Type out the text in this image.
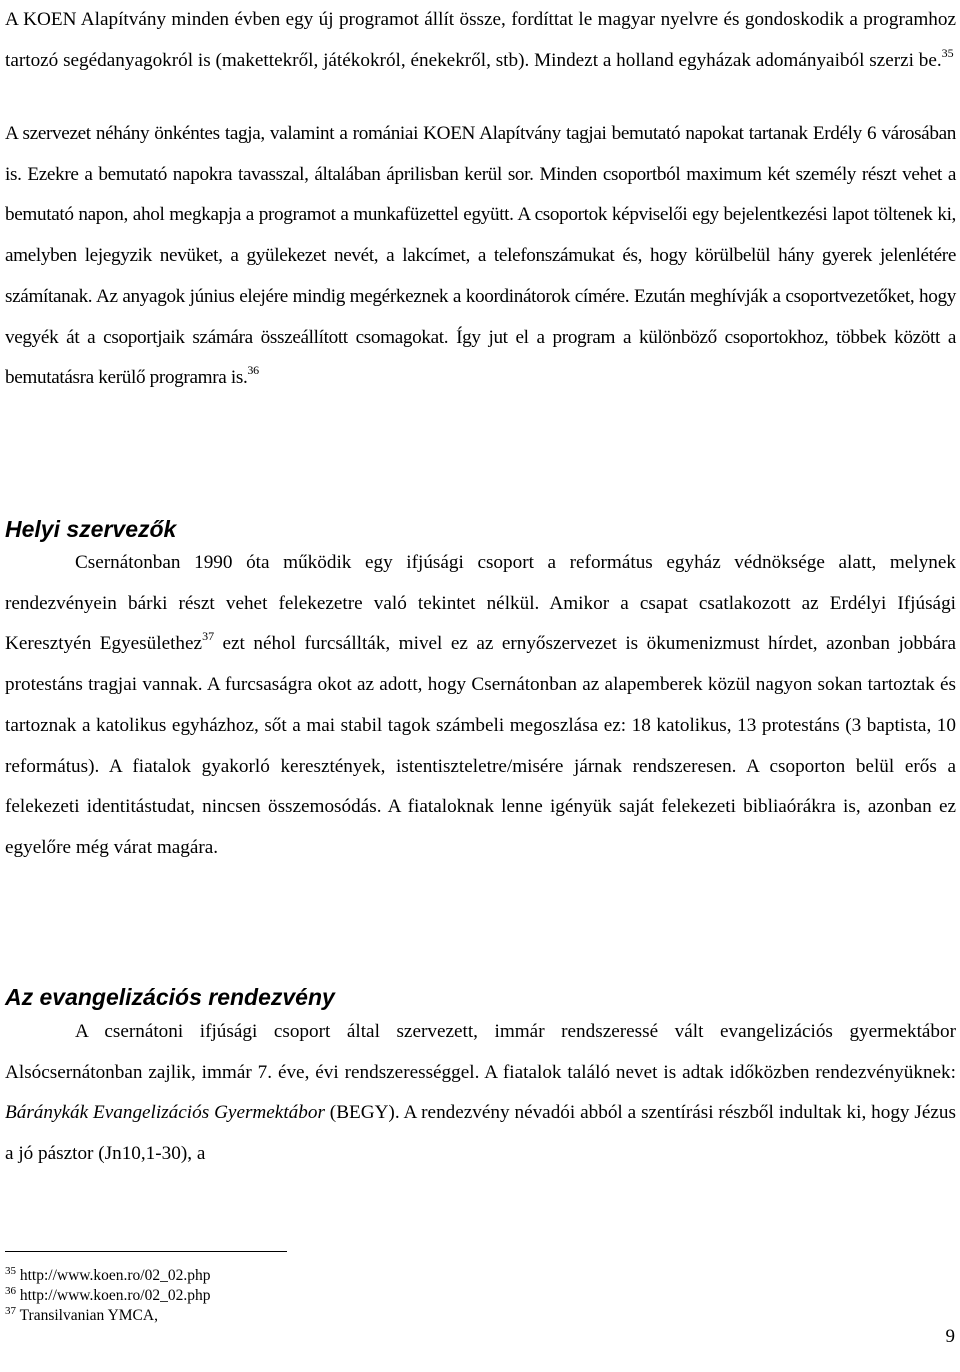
A KOEN Alapítvány minden évben egy új programot állít össze, fordíttat le magyar nyelvre és gondoskodik a programhoz tartozó segédanyagokról is (makettekről, játékokról, énekekről, stb). Mindezt a holland egyházak adományaiból szerzi be.$^{35}$

A szervezet néhány önkéntes tagja, valamint a romániai KOEN Alapítvány tagjai bemutató napokat tartanak Erdély 6 városában is. Ezekre a bemutató napokra tavasszal, általában áprilisban kerül sor. Minden csoportból maximum két személy részt vehet a bemutató napon, ahol megkapja a programot a munkafüzettel együtt. A csoportok képviselői egy bejelentkezési lapot töltenek ki, amelyben lejegyzik nevüket, a gyülekezet nevét, a lakcímet, a telefonszámukat és, hogy körülbelül hány gyerek jelenlétére számítanak. Az anyagok június elejére mindig megérkeznek a koordinátorok címére. Ezután meghívják a csoportvezetőket, hogy vegyék át a csoportjaik számára összeállított csomagokat. Így jut el a program a különböző csoportokhoz, többek között a bemutatásra kerülő programra is.$^{36}$

Helyi szervezők

Csernátonban 1990 óta működik egy ifjúsági csoport a református egyház védnöksége alatt, melynek rendezvényein bárki részt vehet felekezetre való tekintet nélkül. Amikor a csapat csatlakozott az Erdélyi Ifjúsági Keresztyén Egyesülethez$^{37}$ ezt néhol furcsállták, mivel ez az ernyőszervezet is ökumenizmust hírdet, azonban jobbára protestáns tragjai vannak. A furcsaságra okot az adott, hogy Csernátonban az alapemberek közül nagyon sokan tartoztak és tartoznak a katolikus egyházhoz, sőt a mai stabil tagok számbeli megoszlása ez: 18 katolikus, 13 protestáns (3 baptista, 10 református). A fiatalok gyakorló keresztények, istentiszteletre/misére járnak rendszeresen. A csoporton belül erős a felekezeti identitástudat, nincsen összemosódás. A fiataloknak lenne igényük saját felekezeti bibliaórákra is, azonban ez egyelőre még várat magára.

Az evangelizációs rendezvény

A csernátoni ifjúsági csoport által szervezett, immár rendszeressé vált evangelizációs gyermektábor Alsócsernátonban zajlik, immár 7. éve, évi rendszerességgel. A fiatalok találó nevet is adtak időközben rendezvényüknek: Báránykák Evangelizációs Gyermektábor (BEGY). A rendezvény névadói abból a szentírási részből indultak ki, hogy Jézus a jó pásztor (Jn10,1-30), a

$^{35}$ http://www.koen.ro/02_02.php

$^{36}$ http://www.koen.ro/02_02.php

$^{37}$ Transilvanian YMCA,

9
